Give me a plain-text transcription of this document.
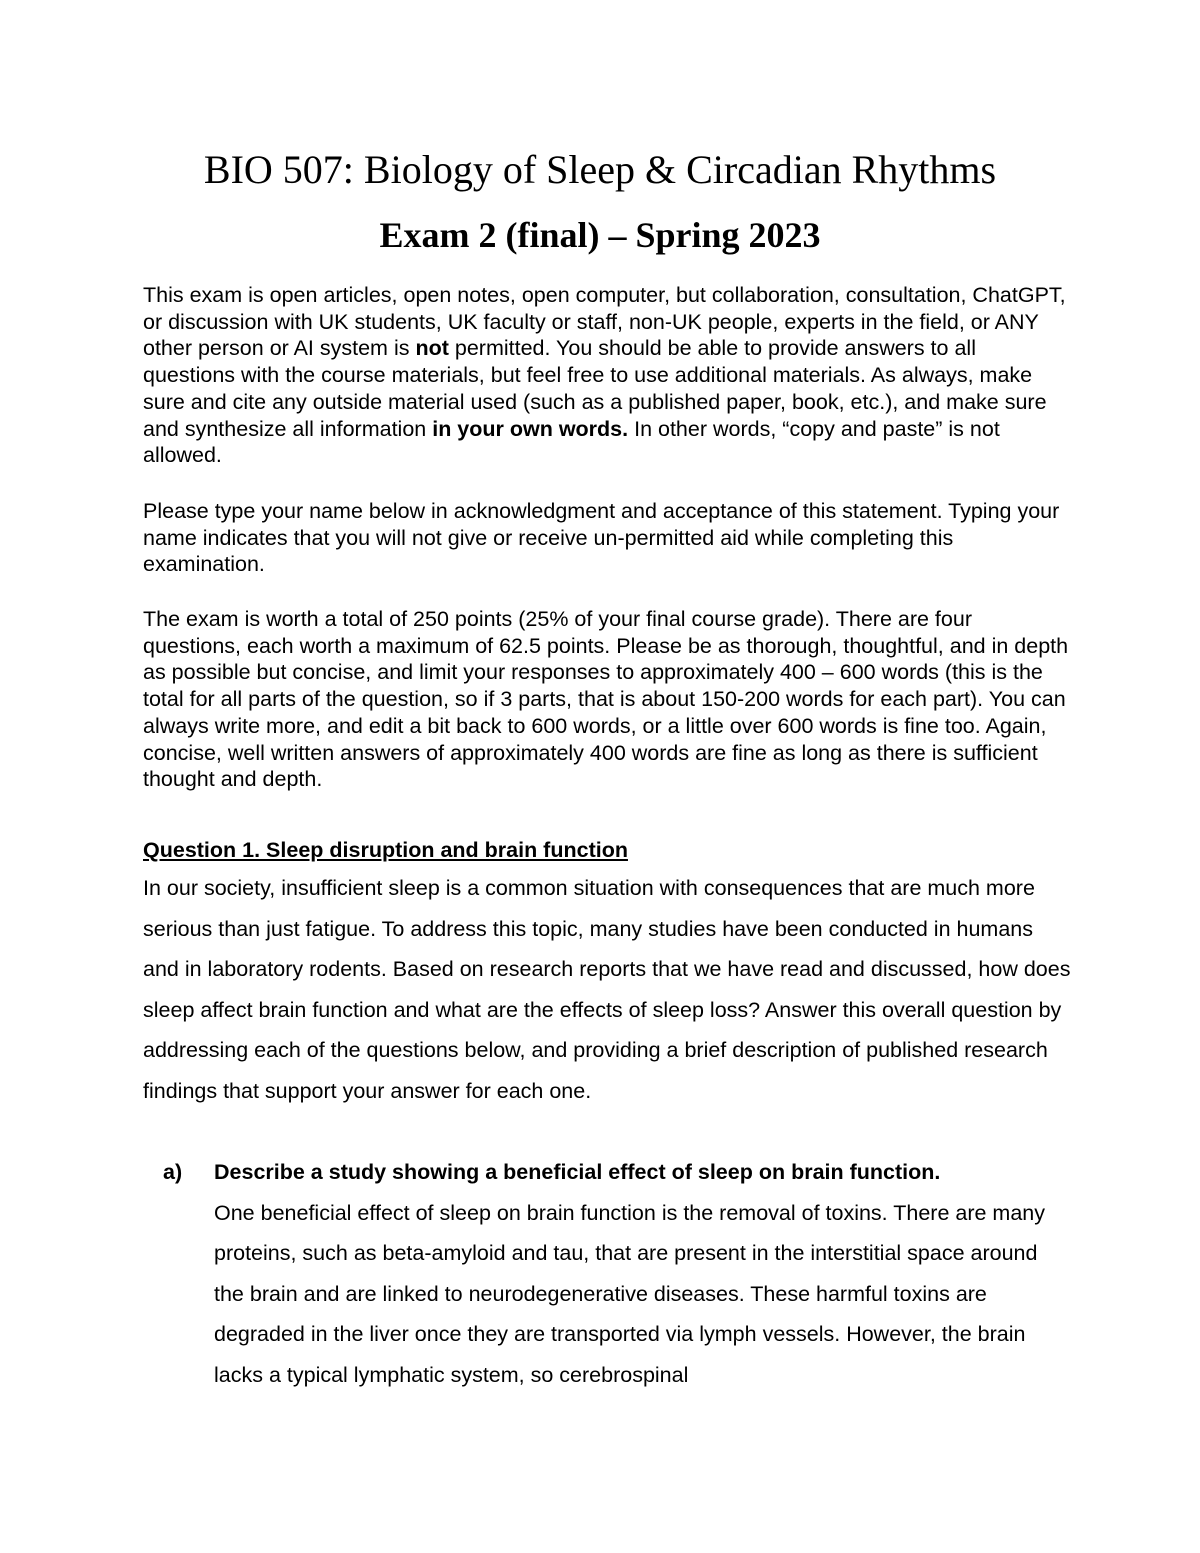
BIO 507: Biology of Sleep & Circadian Rhythms
Exam 2 (final) – Spring 2023

This exam is open articles, open notes, open computer, but collaboration, consultation, ChatGPT, or discussion with UK students, UK faculty or staff, non-UK people, experts in the field, or ANY other person or AI system is not permitted. You should be able to provide answers to all questions with the course materials, but feel free to use additional materials. As always, make sure and cite any outside material used (such as a published paper, book, etc.), and make sure and synthesize all information in your own words. In other words, “copy and paste” is not allowed.

Please type your name below in acknowledgment and acceptance of this statement. Typing your name indicates that you will not give or receive un-permitted aid while completing this examination.

The exam is worth a total of 250 points (25% of your final course grade). There are four questions, each worth a maximum of 62.5 points. Please be as thorough, thoughtful, and in depth as possible but concise, and limit your responses to approximately 400 – 600 words (this is the total for all parts of the question, so if 3 parts, that is about 150-200 words for each part). You can always write more, and edit a bit back to 600 words, or a little over 600 words is fine too. Again, concise, well written answers of approximately 400 words are fine as long as there is sufficient thought and depth.

Question 1. Sleep disruption and brain function

In our society, insufficient sleep is a common situation with consequences that are much more serious than just fatigue. To address this topic, many studies have been conducted in humans and in laboratory rodents. Based on research reports that we have read and discussed, how does sleep affect brain function and what are the effects of sleep loss? Answer this overall question by addressing each of the questions below, and providing a brief description of published research findings that support your answer for each one.

a) Describe a study showing a beneficial effect of sleep on brain function.
One beneficial effect of sleep on brain function is the removal of toxins. There are many proteins, such as beta-amyloid and tau, that are present in the interstitial space around the brain and are linked to neurodegenerative diseases. These harmful toxins are degraded in the liver once they are transported via lymph vessels. However, the brain lacks a typical lymphatic system, so cerebrospinal
